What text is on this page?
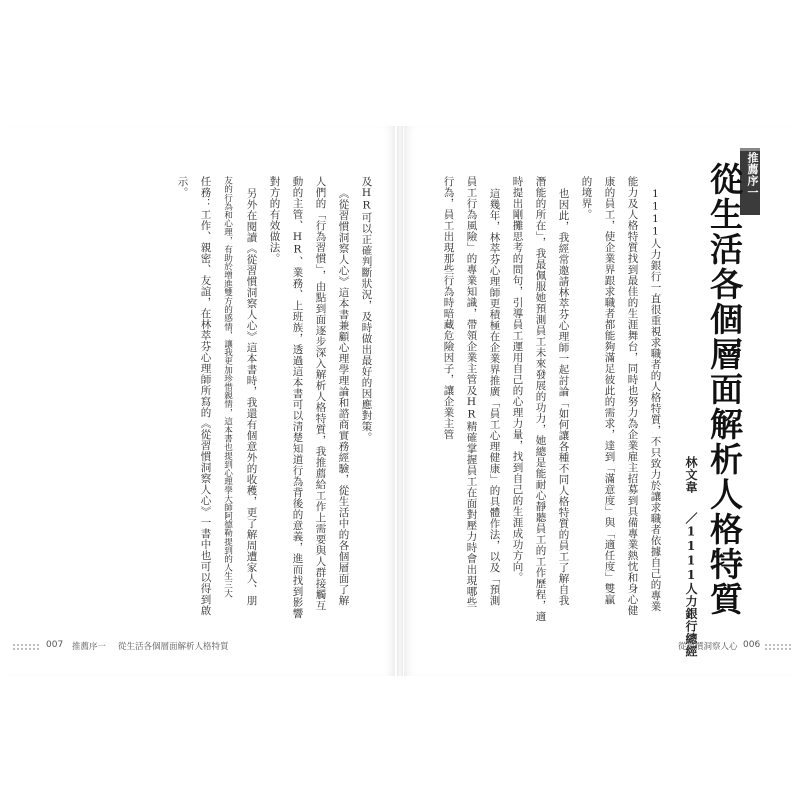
推薦序一
從生活各個層面解析人格特質
林文韋
／1111人力銀行總經
1111人力銀行一直很重視求職者的人格特質，不只致力於讓求職者依據自己的專業
能力及人格特質找到最佳的生涯舞台，同時也努力為企業雇主招募到具備專業熱忱和身心健
康的員工，使企業界跟求職者都能夠滿足彼此的需求，達到「滿意度」與「適任度」雙贏
的境界。
也因此，我經常邀請林萃芬心理師一起討論「如何讓各種不同人格特質的員工了解自我
潛能的所在」，我最佩服她預測員工未來發展的功力，她總是能耐心靜聽員工的工作歷程，適
時提出剛攤思考的問句，引導員工運用自己的心理力量，找到自己的生涯成功方向。
這幾年，林萃芬心理師更積極在企業界推廣「員工心理健康」的具體作法，以及「預測
員工行為風險」的專業知識，帶領企業主管及HR精確掌握員工在面對壓力時會出現哪些
行為，員工出現那些行為時暗藏危險因子，讓企業主管
及HR可以正確判斷狀況，及時做出最好的因應對策。
《從習慣洞察人心》這本書兼顧心理學理論和諮商實務經驗，從生活中的各個層面了解
人們的「行為習慣」，由點到面逐步深入解析人格特質，我推薦給工作上需要與人群接觸互
動的主管、HR、業務、上班族，透過這本書可以清楚知道行為背後的意義，進而找到影響
對方的有效做法。
另外在閱讀《從習慣洞察人心》這本書時，我還有個意外的收穫，更了解周遭家人、朋
友的行為和心理，有助於增進雙方的感情，讓我更加珍惜親情，這本書也提到心理學大師阿德勒提到的人生三大
任務：工作、親密、友誼，在林萃芬心理師所寫的《從習慣洞察人心》一書中也可以得到啟
示。
007 推薦序一 從生活各個層面解析人格特質	從習慣洞察人心 006
